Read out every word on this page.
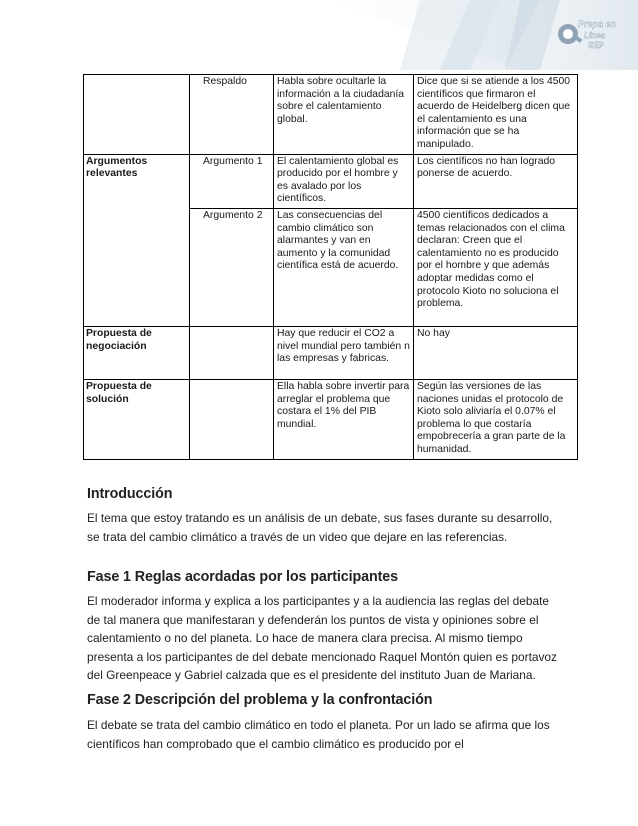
Prepa en
Línea
SEP
	Respaldo	Habla sobre ocultarle la información a la ciudadanía sobre el calentamiento global.	Dice que si se atiende a los 4500 científicos que firmaron el acuerdo de Heidelberg dicen que el calentamiento es una información que se ha manipulado.
Argumentos relevantes	Argumento 1	El calentamiento global es producido por el hombre y es avalado por los científicos.	Los científicos no han logrado ponerse de acuerdo.
	Argumento 2	Las consecuencias del cambio climático son alarmantes y van en aumento y la comunidad científica está de acuerdo.	4500 científicos dedicados a temas relacionados con el clima declaran: Creen que el calentamiento no es producido por el hombre y que además adoptar medidas como el protocolo Kioto no soluciona el problema.
Propuesta de negociación		Hay que reducir el CO2 a nivel mundial pero también n las empresas y fabricas.	No hay
Propuesta de solución		Ella habla sobre invertir para arreglar el problema que costara el 1% del PIB mundial.	Según las versiones de las naciones unidas el protocolo de Kioto solo aliviaría el 0.07% el problema lo que costaría empobrecería a gran parte de la humanidad.
Introducción

El tema que estoy tratando es un análisis de un debate, sus fases durante su desarrollo, se trata del cambio climático a través de un video que dejare en las referencias.

Fase 1 Reglas acordadas por los participantes

El moderador informa y explica a los participantes y a la audiencia las reglas del debate de tal manera que manifestaran y defenderán los puntos de vista y opiniones sobre el calentamiento o no del planeta. Lo hace de manera clara precisa. Al mismo tiempo presenta a los participantes de del debate mencionado Raquel Montón quien es portavoz del Greenpeace y Gabriel calzada que es el presidente del instituto Juan de Mariana.

Fase 2 Descripción del problema y la confrontación

El debate se trata del cambio climático en todo el planeta. Por un lado se afirma que los científicos han comprobado que el cambio climático es producido por el
